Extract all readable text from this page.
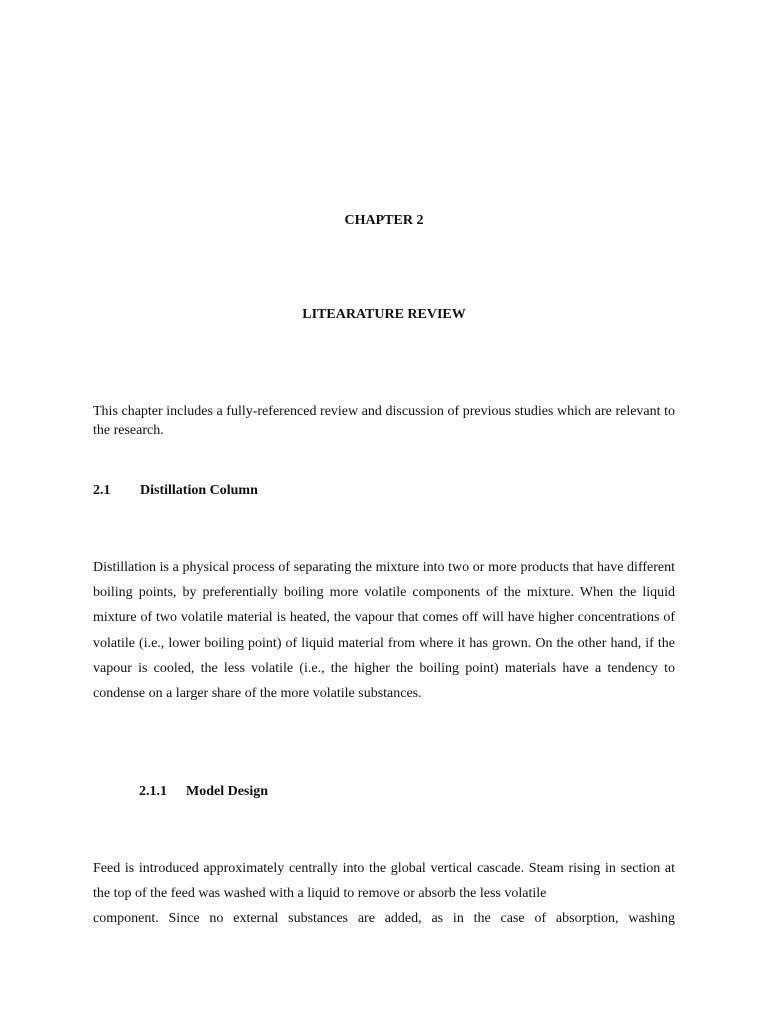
CHAPTER 2
LITEARATURE REVIEW
This chapter includes a fully-referenced review and discussion of previous studies which are relevant to the research.
2.1 Distillation Column
Distillation is a physical process of separating the mixture into two or more products that have different boiling points, by preferentially boiling more volatile components of the mixture. When the liquid mixture of two volatile material is heated, the vapour that comes off will have higher concentrations of volatile (i.e., lower boiling point) of liquid material from where it has grown. On the other hand, if the vapour is cooled, the less volatile (i.e., the higher the boiling point) materials have a tendency to condense on a larger share of the more volatile substances.
2.1.1 Model Design
Feed is introduced approximately centrally into the global vertical cascade. Steam rising in section at the top of the feed was washed with a liquid to remove or absorb the less volatile
component. Since no external substances are added, as in the case of absorption, washing
